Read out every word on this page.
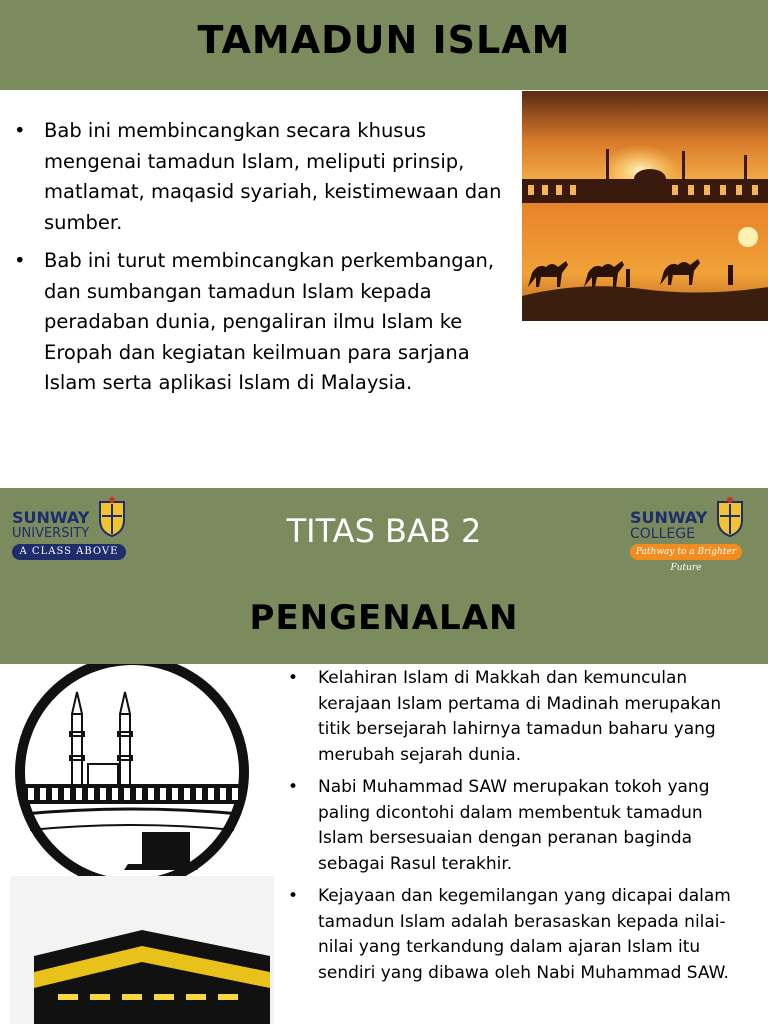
TAMADUN ISLAM
• Bab ini membincangkan secara khusus mengenai tamadun Islam, meliputi prinsip, matlamat, maqasid syariah, keistimewaan dan sumber.
• Bab ini turut membincangkan perkembangan, dan sumbangan tamadun Islam kepada peradaban dunia, pengaliran ilmu Islam ke Eropah dan kegiatan keilmuan para sarjana Islam serta aplikasi Islam di Malaysia.
SUNWAY
UNIVERSITY
A CLASS ABOVE
TITAS BAB 2	SUNWAY
COLLEGE
Pathway to a Brighter Future
PENGENALAN
• Kelahiran Islam di Makkah dan kemunculan kerajaan Islam pertama di Madinah merupakan titik bersejarah lahirnya tamadun baharu yang merubah sejarah dunia.
• Nabi Muhammad SAW merupakan tokoh yang paling dicontohi dalam membentuk tamadun Islam bersesuaian dengan peranan baginda sebagai Rasul terakhir.
• Kejayaan dan kegemilangan yang dicapai dalam tamadun Islam adalah berasaskan kepada nilai-nilai yang terkandung dalam ajaran Islam itu sendiri yang dibawa oleh Nabi Muhammad SAW.
